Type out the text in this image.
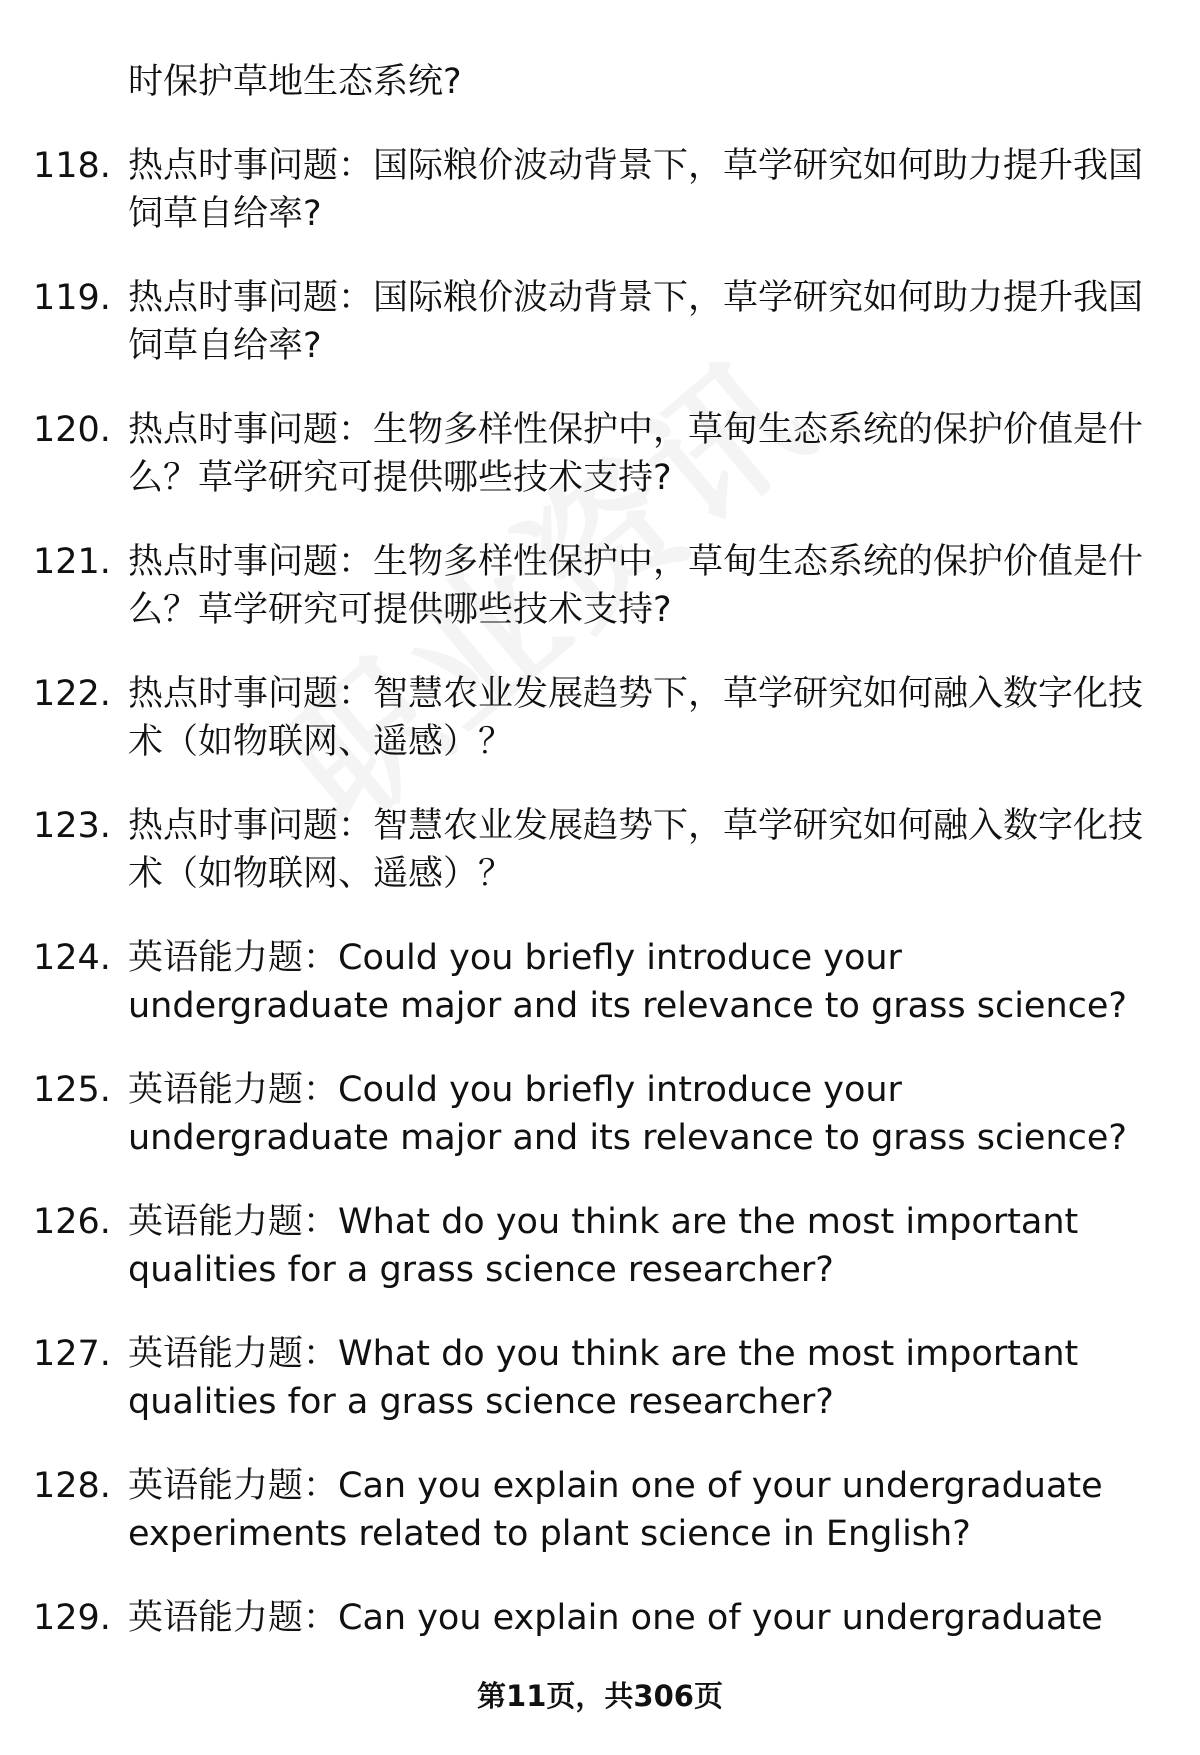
时保护草地生态系统?
118. 热点时事问题：国际粮价波动背景下，草学研究如何助力提升我国饲草自给率?
119. 热点时事问题：国际粮价波动背景下，草学研究如何助力提升我国饲草自给率?
120. 热点时事问题：生物多样性保护中，草甸生态系统的保护价值是什么？草学研究可提供哪些技术支持?
121. 热点时事问题：生物多样性保护中，草甸生态系统的保护价值是什么？草学研究可提供哪些技术支持?
122. 热点时事问题：智慧农业发展趋势下，草学研究如何融入数字化技术（如物联网、遥感）？
123. 热点时事问题：智慧农业发展趋势下，草学研究如何融入数字化技术（如物联网、遥感）？
124. 英语能力题：Could you briefly introduce your undergraduate major and its relevance to grass science?
125. 英语能力题：Could you briefly introduce your undergraduate major and its relevance to grass science?
126. 英语能力题：What do you think are the most important qualities for a grass science researcher?
127. 英语能力题：What do you think are the most important qualities for a grass science researcher?
128. 英语能力题：Can you explain one of your undergraduate experiments related to plant science in English?
129. 英语能力题：Can you explain one of your undergraduate
第11页，共306页
